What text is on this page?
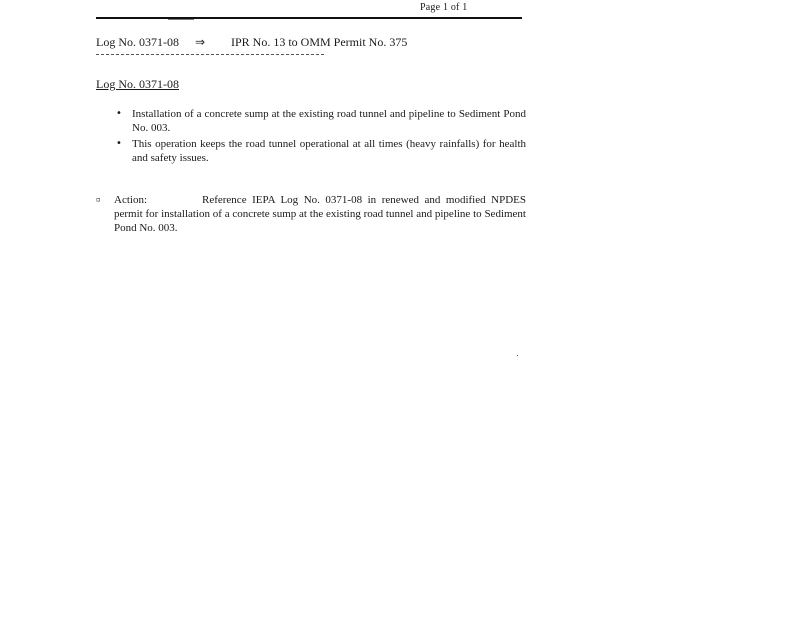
Page 1 of 1
Log No. 0371-08 ⇒ IPR No. 13 to OMM Permit No. 375
Log No. 0371-08
• Installation of a concrete sump at the existing road tunnel and pipeline to Sediment Pond No. 003.
• This operation keeps the road tunnel operational at all times (heavy rainfalls) for health and safety issues.
¤ Action:	Reference IEPA Log No. 0371-08 in renewed and modified NPDES permit for installation of a concrete sump at the existing road tunnel and pipeline to Sediment Pond No. 003.
